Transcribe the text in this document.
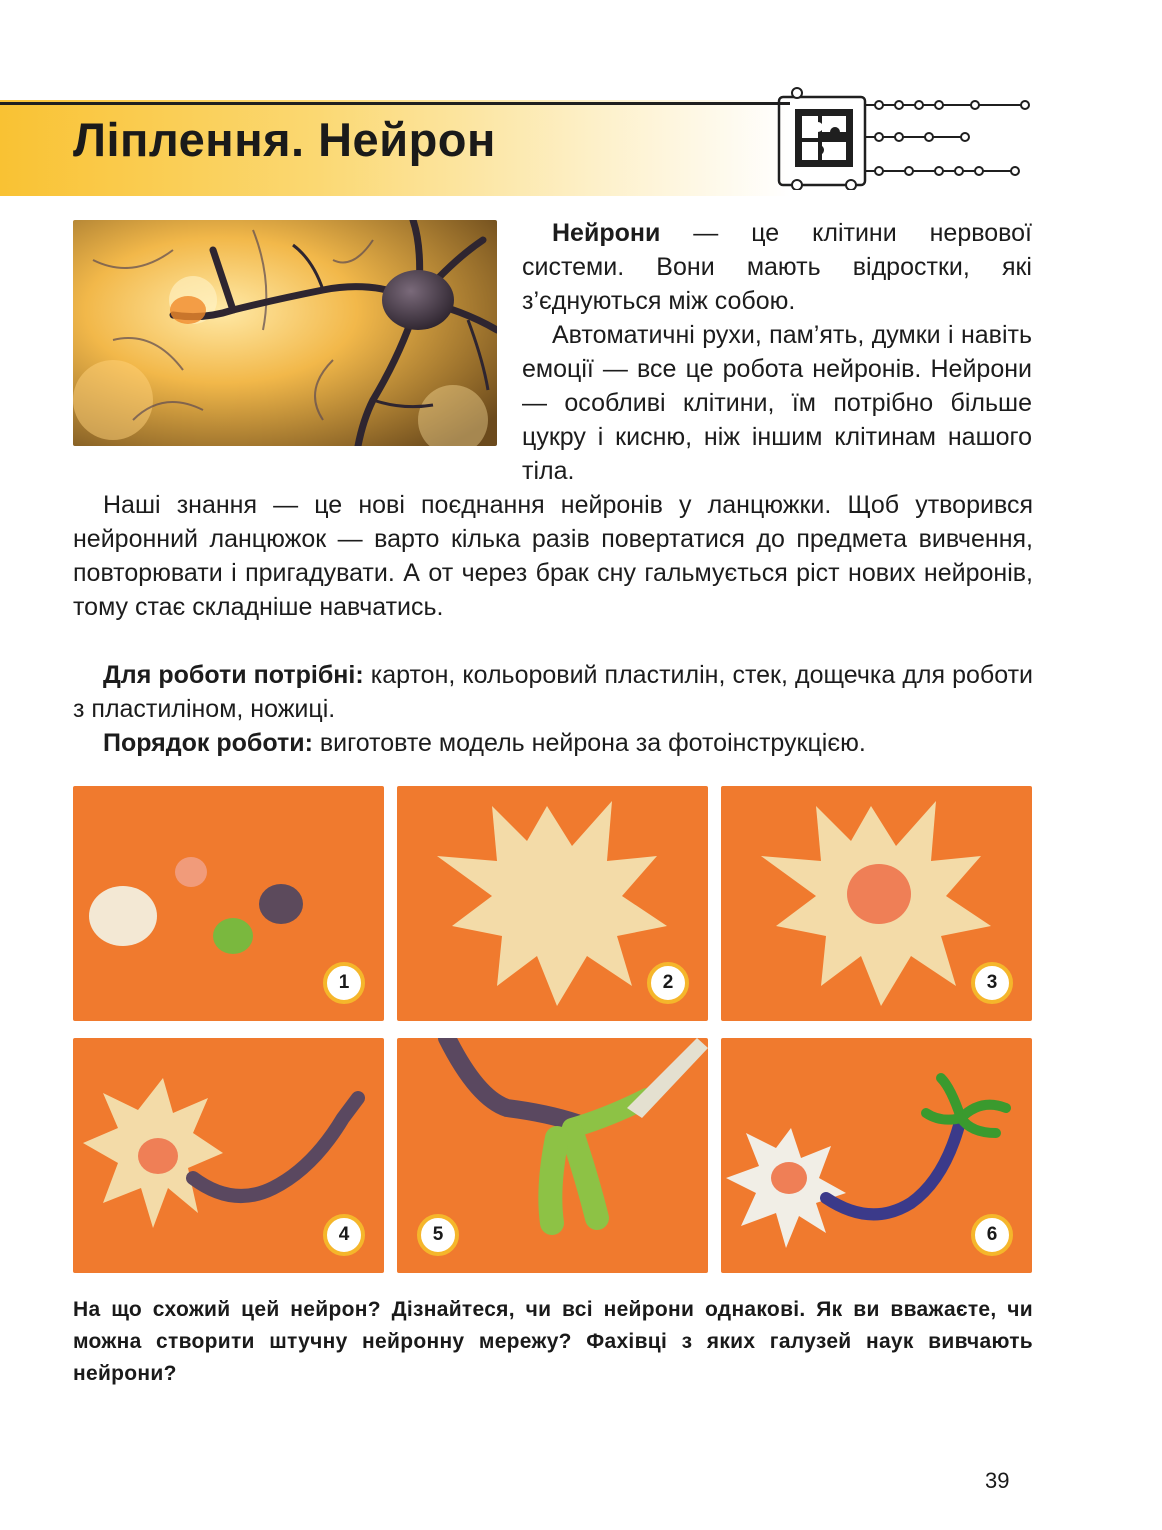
Ліплення. Нейрон

Нейрони — це клітини нервової системи. Вони мають відростки, які з’єднуються між собою.

Автоматичні рухи, пам’ять, думки і навіть емоції — все це робота нейронів. Нейрони — особливі клітини, їм потрібно більше цукру і кисню, ніж іншим клітинам нашого тіла.

Наші знання — це нові поєднання нейронів у ланцюжки. Щоб утворився нейронний ланцюжок — варто кілька разів повертатися до предмета вивчення, повторювати і пригадувати. А от через брак сну гальмується ріст нових нейронів, тому стає складніше навчатись.

Для роботи потрібні: картон, кольоровий пластилін, стек, дощечка для роботи з пластиліном, ножиці.

Порядок роботи: виготовте модель нейрона за фотоінструкцією.

1	2	3
4	5	6

На що схожий цей нейрон? Дізнайтеся, чи всі нейрони однакові. Як ви вважаєте, чи можна створити штучну нейронну мережу? Фахівці з яких галузей наук вивчають нейрони?

39
